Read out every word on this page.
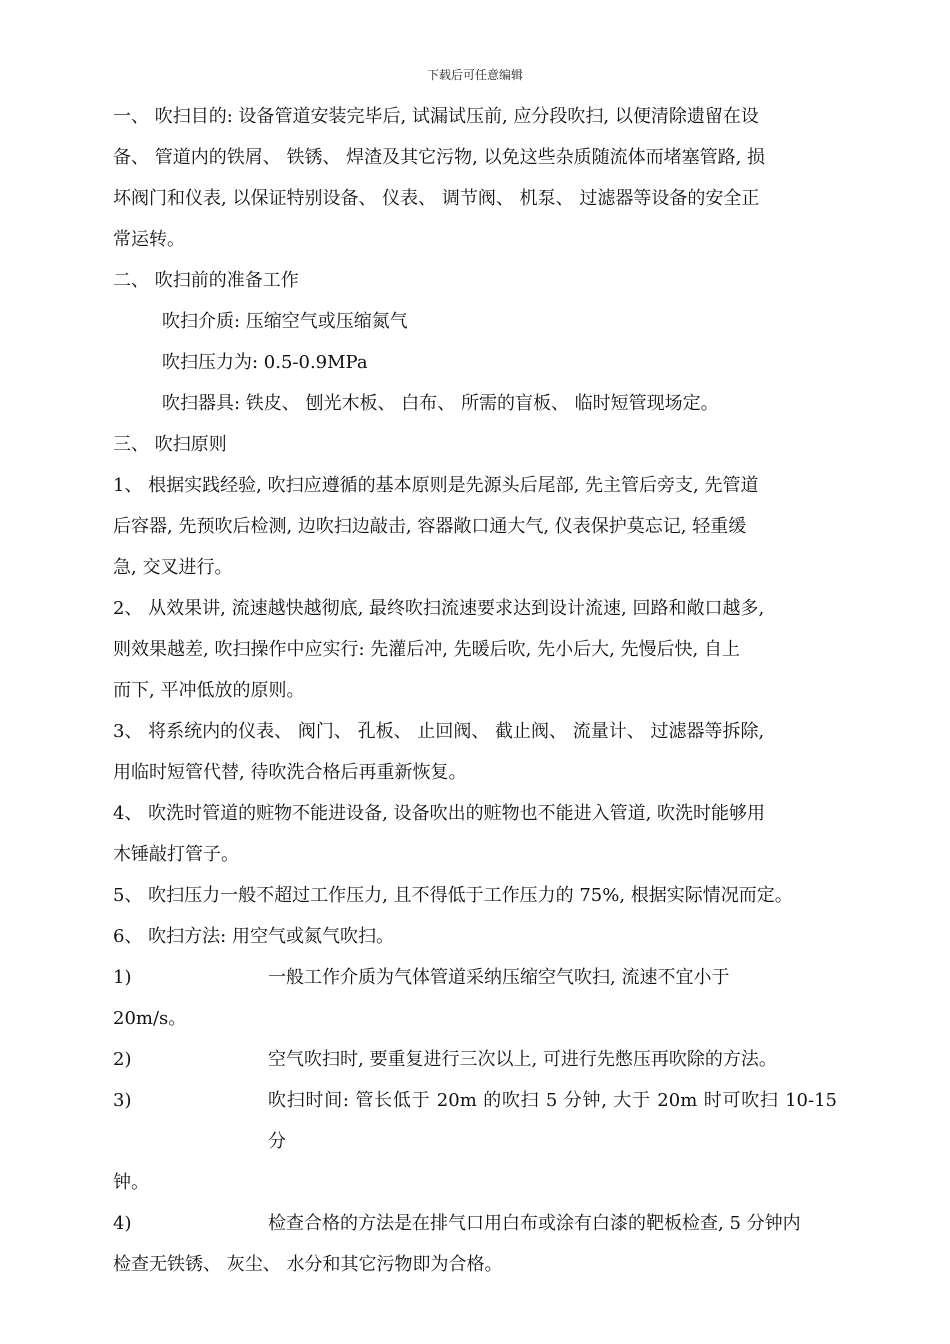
下载后可任意编辑

一、 吹扫目的: 设备管道安装完毕后, 试漏试压前, 应分段吹扫, 以便清除遗留在设

备、 管道内的铁屑、 铁锈、 焊渣及其它污物, 以免这些杂质随流体而堵塞管路, 损

坏阀门和仪表, 以保证特别设备、 仪表、 调节阀、 机泵、 过滤器等设备的安全正

常运转。

二、 吹扫前的准备工作

吹扫介质: 压缩空气或压缩氮气

吹扫压力为: 0.5-0.9MPa

吹扫器具: 铁皮、 刨光木板、 白布、 所需的盲板、 临时短管现场定。

三、 吹扫原则

1、 根据实践经验, 吹扫应遵循的基本原则是先源头后尾部, 先主管后旁支, 先管道

后容器, 先预吹后检测, 边吹扫边敲击, 容器敞口通大气, 仪表保护莫忘记, 轻重缓

急, 交叉进行。

2、 从效果讲, 流速越快越彻底, 最终吹扫流速要求达到设计流速, 回路和敞口越多,

则效果越差, 吹扫操作中应实行: 先灌后冲, 先暖后吹, 先小后大, 先慢后快, 自上

而下, 平冲低放的原则。

3、 将系统内的仪表、 阀门、 孔板、 止回阀、 截止阀、 流量计、 过滤器等拆除,

用临时短管代替, 待吹洗合格后再重新恢复。

4、 吹洗时管道的赃物不能进设备, 设备吹出的赃物也不能进入管道, 吹洗时能够用

木锤敲打管子。

5、 吹扫压力一般不超过工作压力, 且不得低于工作压力的 75%, 根据实际情况而定。

6、 吹扫方法: 用空气或氮气吹扫。

1)	一般工作介质为气体管道采纳压缩空气吹扫, 流速不宜小于

20m/s。

2)	空气吹扫时, 要重复进行三次以上, 可进行先憋压再吹除的方法。
3)	吹扫时间: 管长低于 20m 的吹扫 5 分钟, 大于 20m 时可吹扫 10-15 分

钟。

4)	检查合格的方法是在排气口用白布或涂有白漆的靶板检查, 5 分钟内

检查无铁锈、 灰尘、 水分和其它污物即为合格。
